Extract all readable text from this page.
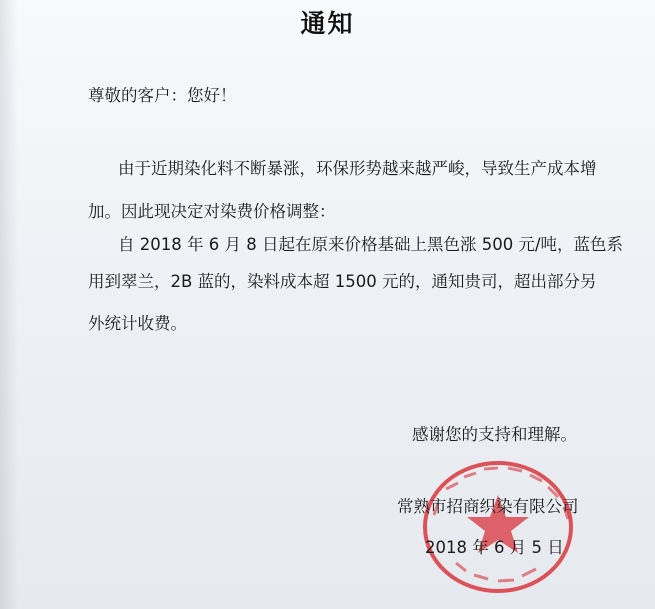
通知
尊敬的客户：您好！
由于近期染化料不断暴涨，环保形势越来越严峻，导致生产成本增
加。因此现决定对染费价格调整：
自 2018 年 6 月 8 日起在原来价格基础上黑色涨 500 元/吨，蓝色系
用到翠兰，2B 蓝的，染料成本超 1500 元的，通知贵司，超出部分另
外统计收费。
感谢您的支持和理解。
常熟市招商织染有限公司
2018 年 6 月 5 日
